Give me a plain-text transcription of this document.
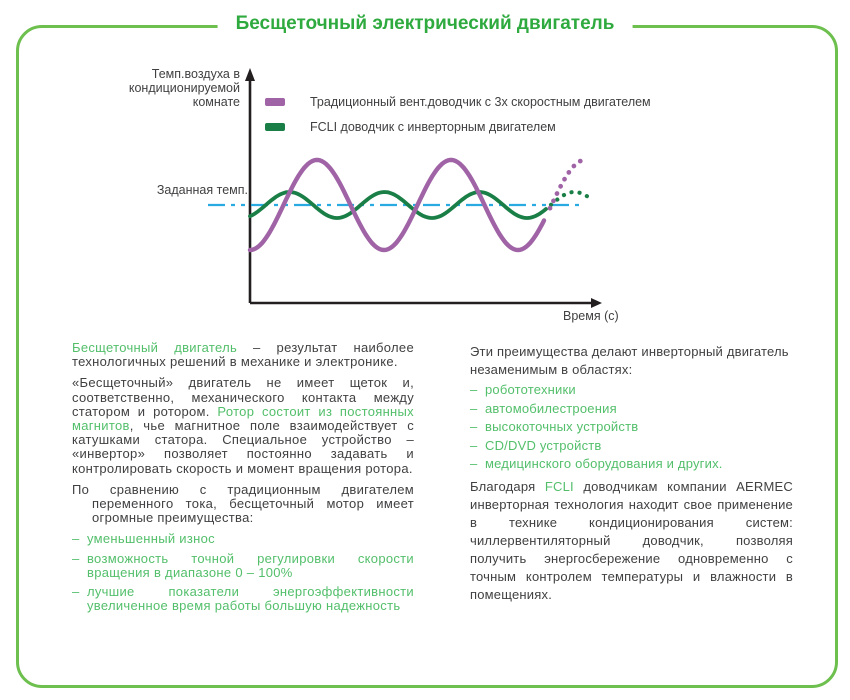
Бесщеточный электрический двигатель
Темп.воздуха в
кондиционируемой
комнате	Традиционный вент.доводчик с 3х скоростным двигателем
FCLI доводчик с инверторным двигателем
Заданная темп.
Время (с)

Бесщеточный двигатель – результат наиболее технологичных решений в механике и электронике.

«Бесщеточный» двигатель не имеет щеток и, соответственно, механического контакта между статором и ротором. Ротор состоит из постоянных магнитов, чье магнитное поле взаимодействует с катушками статора. Специальное устройство – «инвертор» позволяет постоянно задавать и контролировать скорость и момент вращения ротора.

По сравнению с традиционным двигателем переменного тока, бесщеточный мотор имеет огромные преимущества:

– уменьшенный износ
– возможность точной регулировки скорости вращения в диапазоне 0 – 100%
– лучшие показатели энергоэффективности увеличенное время работы большую надежность

Эти преимущества делают инверторный двигатель незаменимым в областях:

– робототехники
– автомобилестроения
– высокоточных устройств
– CD/DVD устройств
– медицинского оборудования и других.

Благодаря FCLI доводчикам компании AERMEC инверторная технология находит свое применение в технике кондиционирования систем: чиллервентиляторный доводчик, позволяя получить энергосбережение одновременно с точным контролем температуры и влажности в помещениях.
